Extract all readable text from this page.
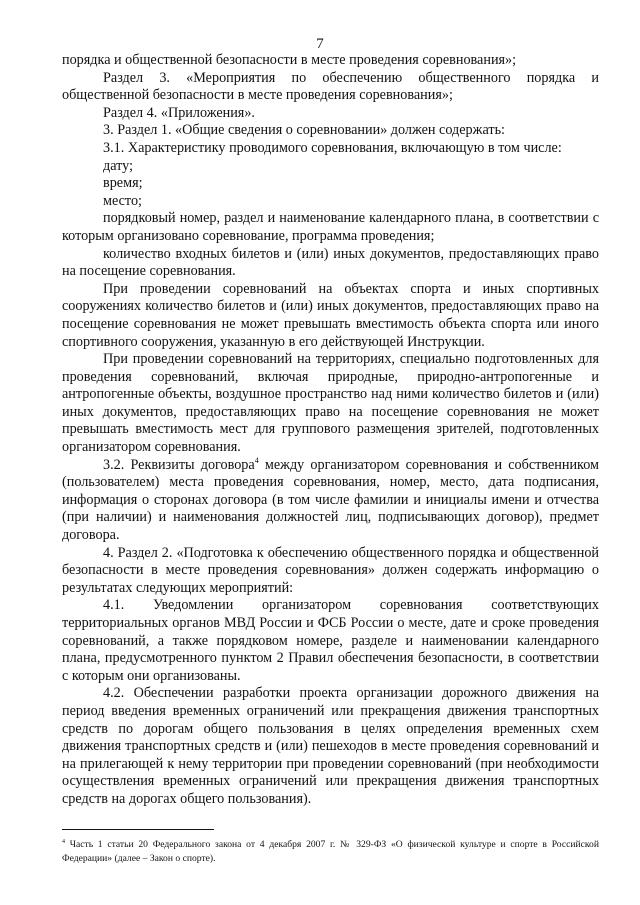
7

порядка и общественной безопасности в месте проведения соревнования»;

Раздел 3. «Мероприятия по обеспечению общественного порядка и общественной безопасности в месте проведения соревнования»;

Раздел 4. «Приложения».

3. Раздел 1. «Общие сведения о соревновании» должен содержать:

3.1. Характеристику проводимого соревнования, включающую в том числе:

дату;

время;

место;

порядковый номер, раздел и наименование календарного плана, в соответствии с которым организовано соревнование, программа проведения;

количество входных билетов и (или) иных документов, предоставляющих право на посещение соревнования.

При проведении соревнований на объектах спорта и иных спортивных сооружениях количество билетов и (или) иных документов, предоставляющих право на посещение соревнования не может превышать вместимость объекта спорта или иного спортивного сооружения, указанную в его действующей Инструкции.

При проведении соревнований на территориях, специально подготовленных для проведения соревнований, включая природные, природно-антропогенные и антропогенные объекты, воздушное пространство над ними количество билетов и (или) иных документов, предоставляющих право на посещение соревнования не может превышать вместимость мест для группового размещения зрителей, подготовленных организатором соревнования.

3.2. Реквизиты договора$^4$ между организатором соревнования и собственником (пользователем) места проведения соревнования, номер, место, дата подписания, информация о сторонах договора (в том числе фамилии и инициалы имени и отчества (при наличии) и наименования должностей лиц, подписывающих договор), предмет договора.

4. Раздел 2. «Подготовка к обеспечению общественного порядка и общественной безопасности в месте проведения соревнования» должен содержать информацию о результатах следующих мероприятий:

4.1. Уведомлении организатором соревнования соответствующих территориальных органов МВД России и ФСБ России о месте, дате и сроке проведения соревнований, а также порядковом номере, разделе и наименовании календарного плана, предусмотренного пунктом 2 Правил обеспечения безопасности, в соответствии с которым они организованы.

4.2. Обеспечении разработки проекта организации дорожного движения на период введения временных ограничений или прекращения движения транспортных средств по дорогам общего пользования в целях определения временных схем движения транспортных средств и (или) пешеходов в месте проведения соревнований и на прилегающей к нему территории при проведении соревнований (при необходимости осуществления временных ограничений или прекращения движения транспортных средств на дорогах общего пользования).

$^4$ Часть 1 статьи 20 Федерального закона от 4 декабря 2007 г. № 329-ФЗ «О физической культуре и спорте в Российской Федерации» (далее – Закон о спорте).
